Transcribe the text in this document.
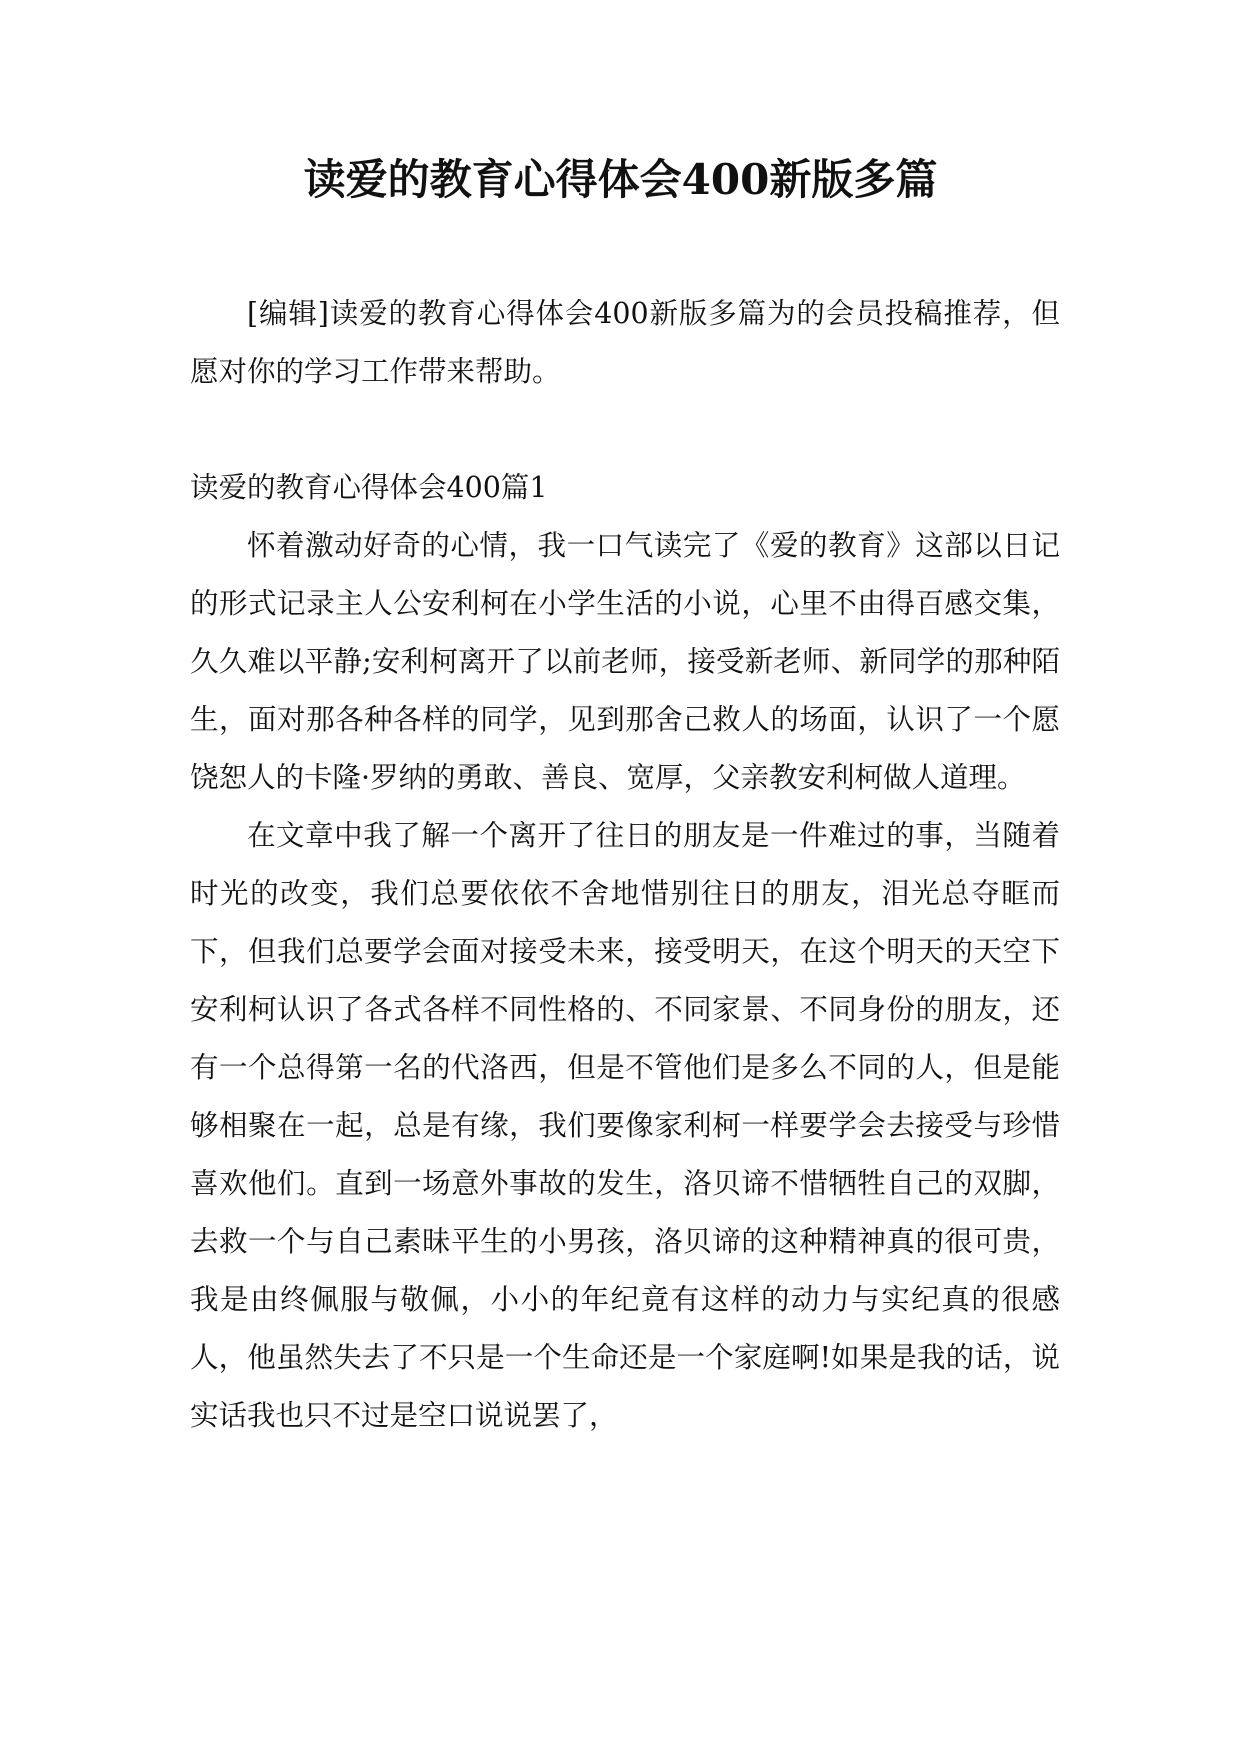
读爱的教育心得体会400新版多篇

[编辑]读爱的教育心得体会400新版多篇为的会员投稿推荐，但愿对你的学习工作带来帮助。

读爱的教育心得体会400篇1

怀着激动好奇的心情，我一口气读完了《爱的教育》这部以日记的形式记录主人公安利柯在小学生活的小说，心里不由得百感交集，久久难以平静;安利柯离开了以前老师，接受新老师、新同学的那种陌生，面对那各种各样的同学，见到那舍己救人的场面，认识了一个愿饶恕人的卡隆·罗纳的勇敢、善良、宽厚，父亲教安利柯做人道理。

在文章中我了解一个离开了往日的朋友是一件难过的事，当随着时光的改变，我们总要依依不舍地惜别往日的朋友，泪光总夺眶而下，但我们总要学会面对接受未来，接受明天，在这个明天的天空下安利柯认识了各式各样不同性格的、不同家景、不同身份的朋友，还有一个总得第一名的代洛西，但是不管他们是多么不同的人，但是能够相聚在一起，总是有缘，我们要像家利柯一样要学会去接受与珍惜喜欢他们。直到一场意外事故的发生，洛贝谛不惜牺牲自己的双脚，去救一个与自己素昧平生的小男孩，洛贝谛的这种精神真的很可贵，我是由终佩服与敬佩，小小的年纪竟有这样的动力与实纪真的很感人，他虽然失去了不只是一个生命还是一个家庭啊!如果是我的话，说实话我也只不过是空口说说罢了，
